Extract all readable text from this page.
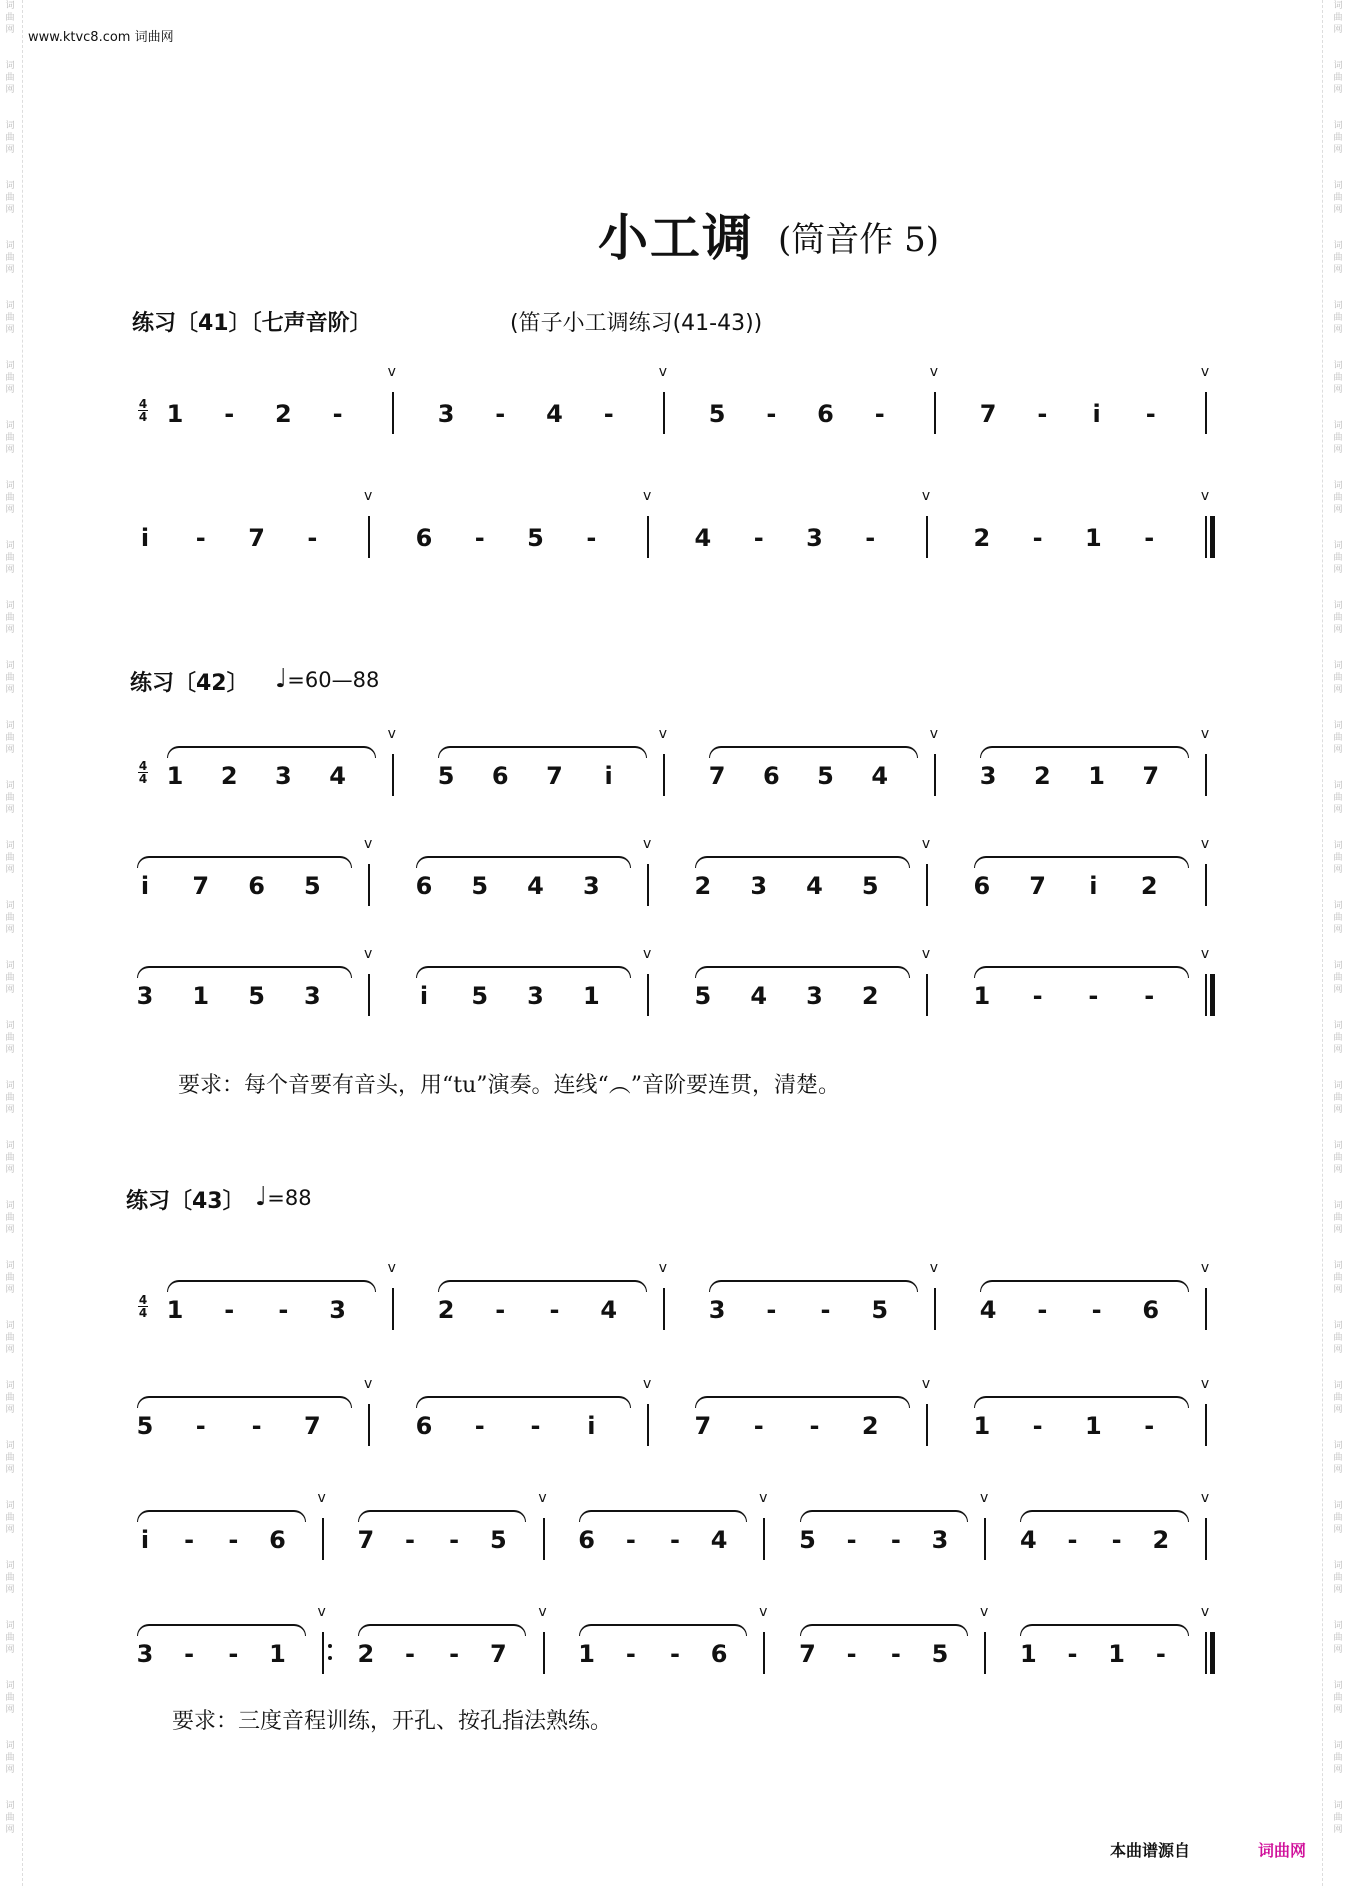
词
曲
网
词
曲
网
词
曲
网
词
曲
网
词
曲
网
词
曲
网
词
曲
网
词
曲
网
词
曲
网
词
曲
网
词
曲
网
词
曲
网
词
曲
网
词
曲
网
词
曲
网
词
曲
网
词
曲
网
词
曲
网
词
曲
网
词
曲
网
词
曲
网
词
曲
网
词
曲
网
词
曲
网
词
曲
网
词
曲
网
词
曲
网
词
曲
网
词
曲
网
词
曲
网
词
曲
网
词
曲
网
词
曲
网
词
曲
网
词
曲
网
词
曲
网
词
曲
网
词
曲
网
词
曲
网
词
曲
网
词
曲
网
词
曲
网
词
曲
网
词
曲
网
词
曲
网
词
曲
网
词
曲
网
词
曲
网
词
曲
网
词
曲
网
词
曲
网
词
曲
网
词
曲
网
词
曲
网
词
曲
网
词
曲
网
词
曲
网
词
曲
网
词
曲
网
词
曲
网
词
曲
网
词
曲
网
www.ktvc8.com 词曲网
小工调 (筒音作 5)
练习〔41〕〔七声音阶〕	(笛子小工调练习(41-43))
4
4 1 - 2 -
v
3 - 4 -
v
5 - 6 -
v
7 - i -
v
i - 7 -
v
6 - 5 -
v
4 - 3 -
v
2 - 1 -
v
练习〔42〕 ♩=60—88
4
4 1 2 3 4
v
5 6 7 i
v
7 6 5 4
v
3 2 1 7
v
i 7 6 5
v
6 5 4 3
v
2 3 4 5
v
6 7 i 2
v
3 1 5 3
v
i 5 3 1
v
5 4 3 2
v
1 - - -
v
要求：每个音要有音头，用“tu”演奏。连线“︵”音阶要连贯，清楚。
练习〔43〕 ♩=88
4
4 1 - - 3
v
2 - - 4
v
3 - - 5
v
4 - - 6
v
5 - - 7
v
6 - - i
v
7 - - 2
v
1 - 1 -
v
i - - 6
v
7 - - 5
v
6 - - 4
v
5 - - 3
v
4 - - 2
v
3 - - 1
v
2 - - 7
v
1 - - 6
v
7 - - 5
v
1 - 1 -
v
要求：三度音程训练，开孔、按孔指法熟练。
本曲谱源自	词曲网
